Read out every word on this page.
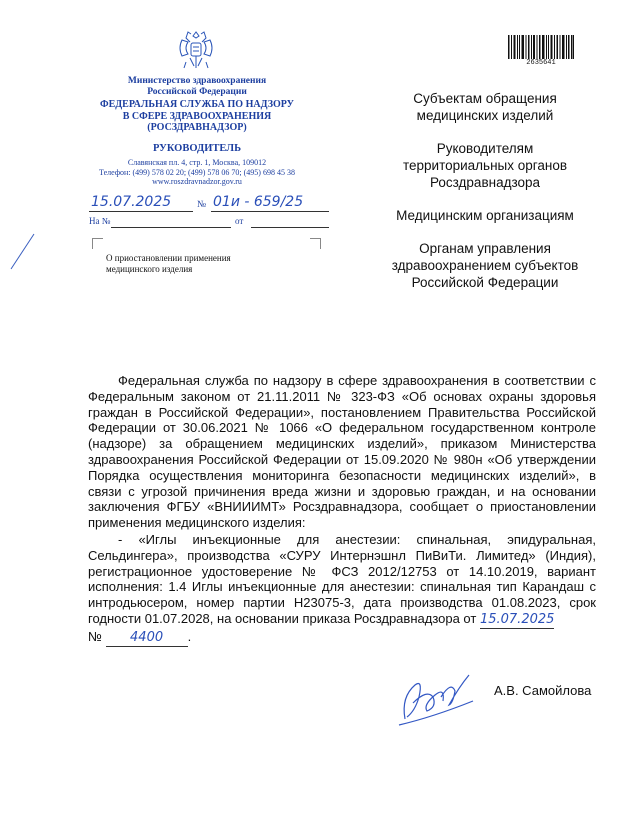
Министерство здравоохранения
Российской Федерации
ФЕДЕРАЛЬНАЯ СЛУЖБА ПО НАДЗОРУ
В СФЕРЕ ЗДРАВООХРАНЕНИЯ
(РОСЗДРАВНАДЗОР)
РУКОВОДИТЕЛЬ
Славянская пл. 4, стр. 1, Москва, 109012
Телефон: (499) 578 02 20; (499) 578 06 70; (495) 698 45 38
www.roszdravnadzor.gov.ru
15.07.2025	№ 01и - 659/25
На №	от
О приостановлении применения
медицинского изделия
2635641
Субъектам обращения медицинских изделий
Руководителям территориальных органов Росздравнадзора
Медицинским организациям
Органам управления здравоохранением субъектов Российской Федерации

Федеральная служба по надзору в сфере здравоохранения в соответствии с Федеральным законом от 21.11.2011 № 323-ФЗ «Об основах охраны здоровья граждан в Российской Федерации», постановлением Правительства Российской Федерации от 30.06.2021 № 1066 «О федеральном государственном контроле (надзоре) за обращением медицинских изделий», приказом Министерства здравоохранения Российской Федерации от 15.09.2020 № 980н «Об утверждении Порядка осуществления мониторинга безопасности медицинских изделий», в связи с угрозой причинения вреда жизни и здоровью граждан, и на основании заключения ФГБУ «ВНИИИМТ» Росздравнадзора, сообщает о приостановлении применения медицинского изделия:

- «Иглы инъекционные для анестезии: спинальная, эпидуральная, Сельдингера», производства «СУРУ Интернэшнл ПиВиТи. Лимитед» (Индия), регистрационное удостоверение № ФСЗ 2012/12753 от 14.10.2019, вариант исполнения: 1.4 Иглы инъекционные для анестезии: спинальная тип Карандаш с интродьюсером, номер партии H23075-3, дата производства 01.08.2023, срок годности 01.07.2028, на основании приказа Росздравнадзора от 15.07.2025

№ 4400 .

А.В. Самойлова
